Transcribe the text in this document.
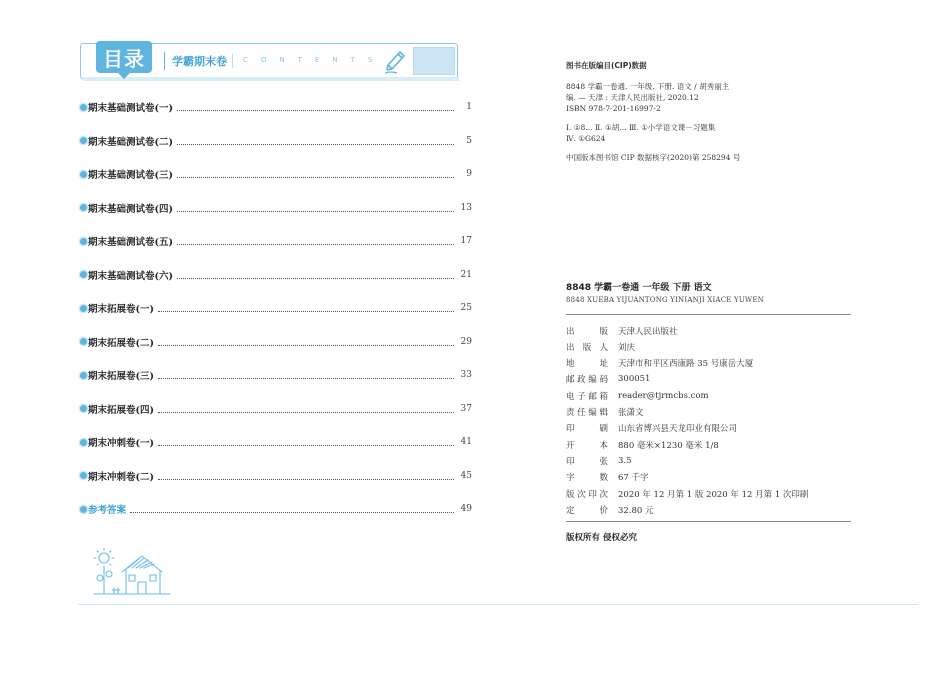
目录	学霸期末卷 CONTENTS
期末基础测试卷(一)	1
期末基础测试卷(二)	5
期末基础测试卷(三)	9
期末基础测试卷(四)	13
期末基础测试卷(五)	17
期末基础测试卷(六)	21
期末拓展卷(一)	25
期末拓展卷(二)	29
期末拓展卷(三)	33
期末拓展卷(四)	37
期末冲刺卷(一)	41
期末冲刺卷(二)	45
参考答案	49
图书在版编目(CIP)数据
8848 学霸一卷通. 一年级. 下册. 语文 / 胡秀丽主
编. — 天津 : 天津人民出版社, 2020.12
ISBN 978-7-201-16997-2
Ⅰ. ①8… Ⅱ. ①胡… Ⅲ. ①小学语文课－习题集
Ⅳ. ①G624
中国版本图书馆 CIP 数据核字(2020)第 258294 号
8848 学霸一卷通 一年级 下册 语文
8848 XUEBA YIJUANTONG YINIANJI XIACE YUWEN
出版 天津人民出版社
出版人 刘庆
地址 天津市和平区西康路 35 号康岳大厦
邮政编码 300051
电子邮箱 reader@tjrmcbs.com
责任编辑 张潇文
印刷 山东省博兴县天龙印业有限公司
开本 880 毫米×1230 毫米 1/8
印张 3.5
字数 67 千字
版次印次 2020 年 12 月第 1 版 2020 年 12 月第 1 次印刷
定价 32.80 元
版权所有 侵权必究
